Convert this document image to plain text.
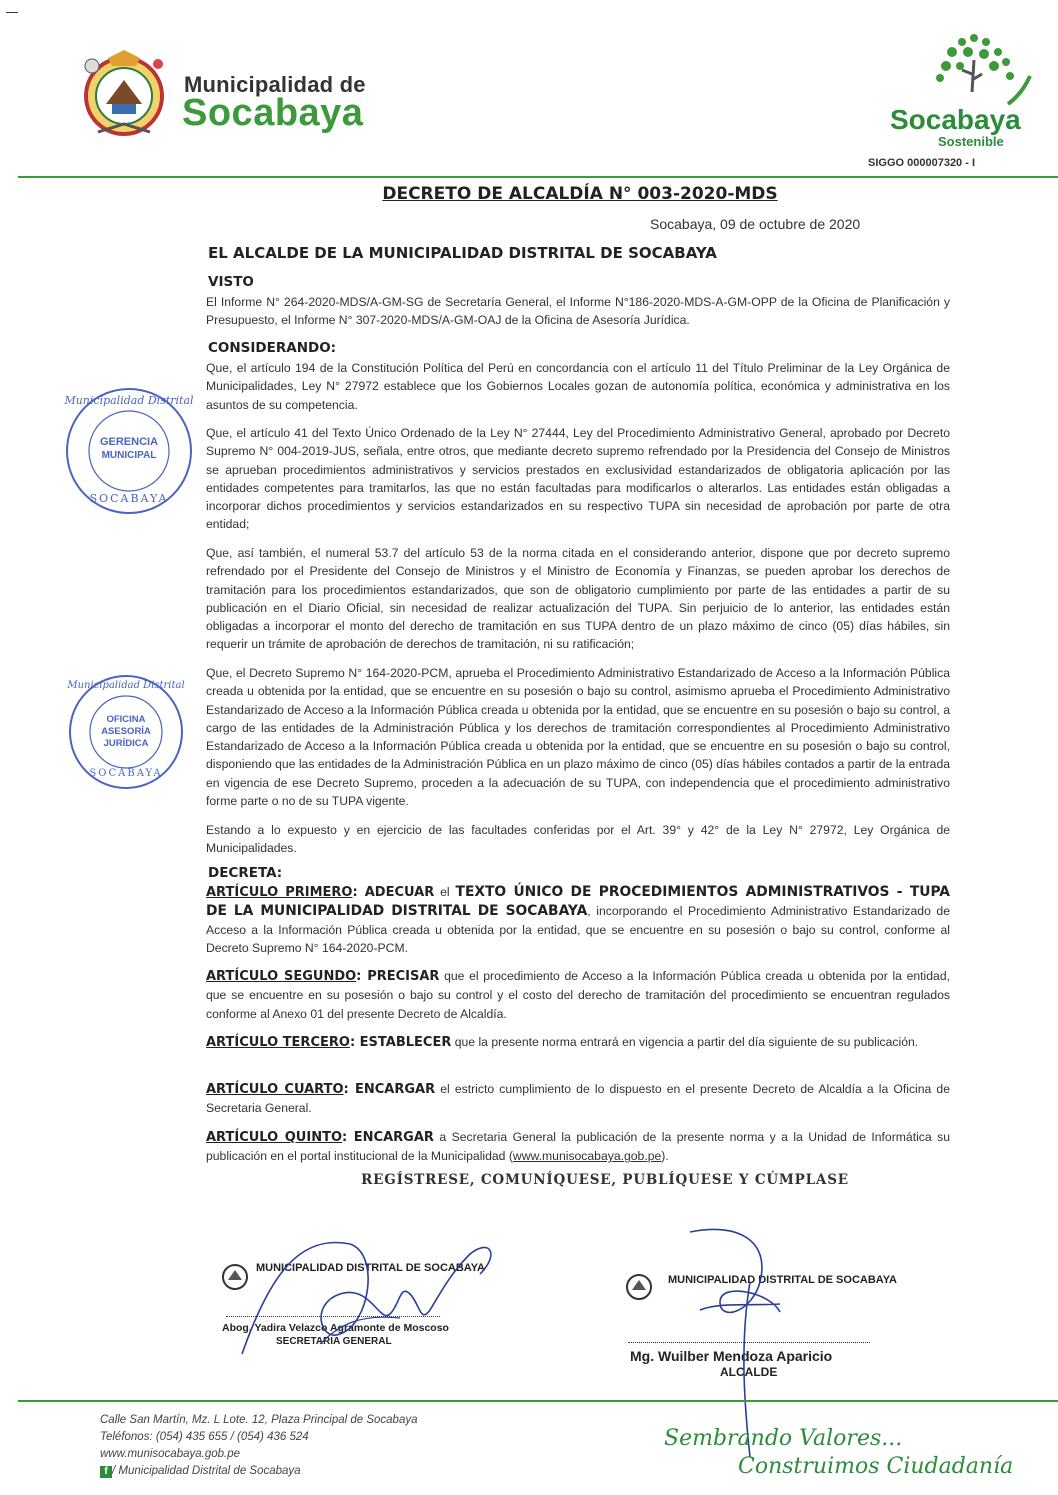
Municipalidad de
Socabaya	Socabaya
Sostenible
SIGGO 000007320 - I
DECRETO DE ALCALDÍA N° 003-2020-MDS
Socabaya, 09 de octubre de 2020
EL ALCALDE DE LA MUNICIPALIDAD DISTRITAL DE SOCABAYA
VISTO
El Informe N° 264-2020-MDS/A-GM-SG de Secretaría General, el Informe N°186-2020-MDS-A-GM-OPP de la Oficina de Planificación y Presupuesto, el Informe N° 307-2020-MDS/A-GM-OAJ de la Oficina de Asesoría Jurídica.
CONSIDERANDO:
Que, el artículo 194 de la Constitución Política del Perú en concordancia con el artículo 11 del Título Preliminar de la Ley Orgánica de Municipalidades, Ley N° 27972 establece que los Gobiernos Locales gozan de autonomía política, económica y administrativa en los asuntos de su competencia.
Que, el artículo 41 del Texto Único Ordenado de la Ley N° 27444, Ley del Procedimiento Administrativo General, aprobado por Decreto Supremo N° 004-2019-JUS, señala, entre otros, que mediante decreto supremo refrendado por la Presidencia del Consejo de Ministros se aprueban procedimientos administrativos y servicios prestados en exclusividad estandarizados de obligatoria aplicación por las entidades competentes para tramitarlos, las que no están facultadas para modificarlos o alterarlos. Las entidades están obligadas a incorporar dichos procedimientos y servicios estandarizados en su respectivo TUPA sin necesidad de aprobación por parte de otra entidad;
Que, así también, el numeral 53.7 del artículo 53 de la norma citada en el considerando anterior, dispone que por decreto supremo refrendado por el Presidente del Consejo de Ministros y el Ministro de Economía y Finanzas, se pueden aprobar los derechos de tramitación para los procedimientos estandarizados, que son de obligatorio cumplimiento por parte de las entidades a partir de su publicación en el Diario Oficial, sin necesidad de realizar actualización del TUPA. Sin perjuicio de lo anterior, las entidades están obligadas a incorporar el monto del derecho de tramitación en sus TUPA dentro de un plazo máximo de cinco (05) días hábiles, sin requerir un trámite de aprobación de derechos de tramitación, ni su ratificación;
Que, el Decreto Supremo N° 164-2020-PCM, aprueba el Procedimiento Administrativo Estandarizado de Acceso a la Información Pública creada u obtenida por la entidad, que se encuentre en su posesión o bajo su control, asimismo aprueba el Procedimiento Administrativo Estandarizado de Acceso a la Información Pública creada u obtenida por la entidad, que se encuentre en su posesión o bajo su control, a cargo de las entidades de la Administración Pública y los derechos de tramitación correspondientes al Procedimiento Administrativo Estandarizado de Acceso a la Información Pública creada u obtenida por la entidad, que se encuentre en su posesión o bajo su control, disponiendo que las entidades de la Administración Pública en un plazo máximo de cinco (05) días hábiles contados a partir de la entrada en vigencia de ese Decreto Supremo, proceden a la adecuación de su TUPA, con independencia que el procedimiento administrativo forme parte o no de su TUPA vigente.
Estando a lo expuesto y en ejercicio de las facultades conferidas por el Art. 39° y 42° de la Ley N° 27972, Ley Orgánica de Municipalidades.
DECRETA:
ARTÍCULO PRIMERO: ADECUAR el TEXTO ÚNICO DE PROCEDIMIENTOS ADMINISTRATIVOS - TUPA DE LA MUNICIPALIDAD DISTRITAL DE SOCABAYA, incorporando el Procedimiento Administrativo Estandarizado de Acceso a la Información Pública creada u obtenida por la entidad, que se encuentre en su posesión o bajo su control, conforme al Decreto Supremo N° 164-2020-PCM.
ARTÍCULO SEGUNDO: PRECISAR que el procedimiento de Acceso a la Información Pública creada u obtenida por la entidad, que se encuentre en su posesión o bajo su control y el costo del derecho de tramitación del procedimiento se encuentran regulados conforme al Anexo 01 del presente Decreto de Alcaldía.
ARTÍCULO TERCERO: ESTABLECER que la presente norma entrará en vigencia a partir del día siguiente de su publicación.
ARTÍCULO CUARTO: ENCARGAR el estricto cumplimiento de lo dispuesto en el presente Decreto de Alcaldía a la Oficina de Secretaria General.
ARTÍCULO QUINTO: ENCARGAR a Secretaria General la publicación de la presente norma y a la Unidad de Informática su publicación en el portal institucional de la Municipalidad (www.munisocabaya.gob.pe).
REGÍSTRESE, COMUNÍQUESE, PUBLÍQUESE Y CÚMPLASE
Municipalidad Distrital
GERENCIA
MUNICIPAL
SOCABAYA
Municipalidad Distrital
OFICINA
ASESORÍA
JURÍDICA
SOCABAYA
MUNICIPALIDAD DISTRITAL DE SOCABAYA
Abog. Yadira Velazco Agramonte de Moscoso
SECRETARIA GENERAL
MUNICIPALIDAD DISTRITAL DE SOCABAYA
Mg. Wuilber Mendoza Aparicio
ALCALDE
Calle San Martín, Mz. L Lote. 12, Plaza Principal de Socabaya
Teléfonos: (054) 435 655 / (054) 436 524
www.munisocabaya.gob.pe
f / Municipalidad Distrital de Socabaya
Sembrando Valores...
Construimos Ciudadanía
